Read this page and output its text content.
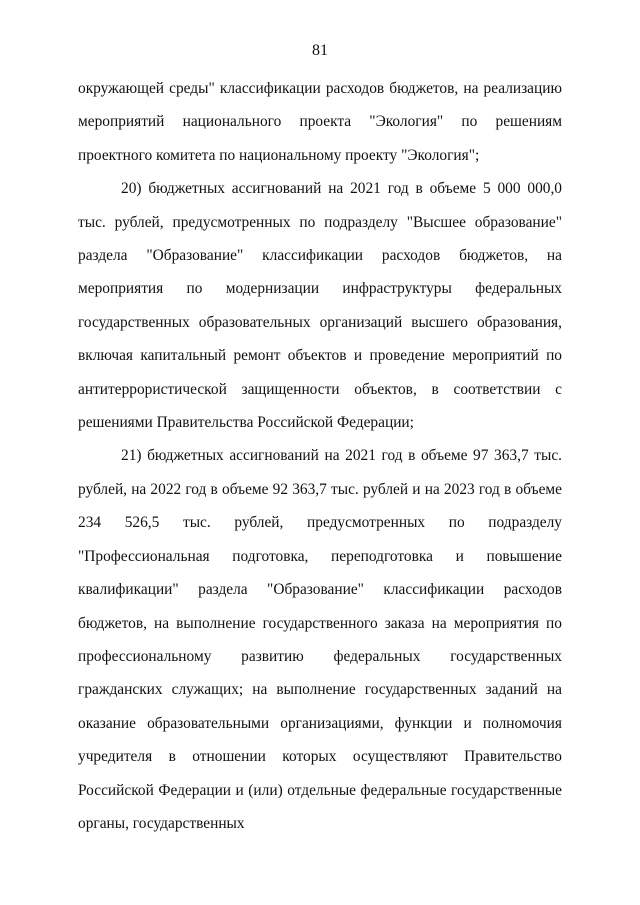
81

окружающей среды" классификации расходов бюджетов, на реализацию мероприятий национального проекта "Экология" по решениям проектного комитета по национальному проекту "Экология";

20) бюджетных ассигнований на 2021 год в объеме 5 000 000,0 тыс. рублей, предусмотренных по подразделу "Высшее образование" раздела "Образование" классификации расходов бюджетов, на мероприятия по модернизации инфраструктуры федеральных государственных образовательных организаций высшего образования, включая капитальный ремонт объектов и проведение мероприятий по антитеррористической защищенности объектов, в соответствии с решениями Правительства Российской Федерации;

21) бюджетных ассигнований на 2021 год в объеме 97 363,7 тыс. рублей, на 2022 год в объеме 92 363,7 тыс. рублей и на 2023 год в объеме 234 526,5 тыс. рублей, предусмотренных по подразделу "Профессиональная подготовка, переподготовка и повышение квалификации" раздела "Образование" классификации расходов бюджетов, на выполнение государственного заказа на мероприятия по профессиональному развитию федеральных государственных гражданских служащих; на выполнение государственных заданий на оказание образовательными организациями, функции и полномочия учредителя в отношении которых осуществляют Правительство Российской Федерации и (или) отдельные федеральные государственные органы, государственных
